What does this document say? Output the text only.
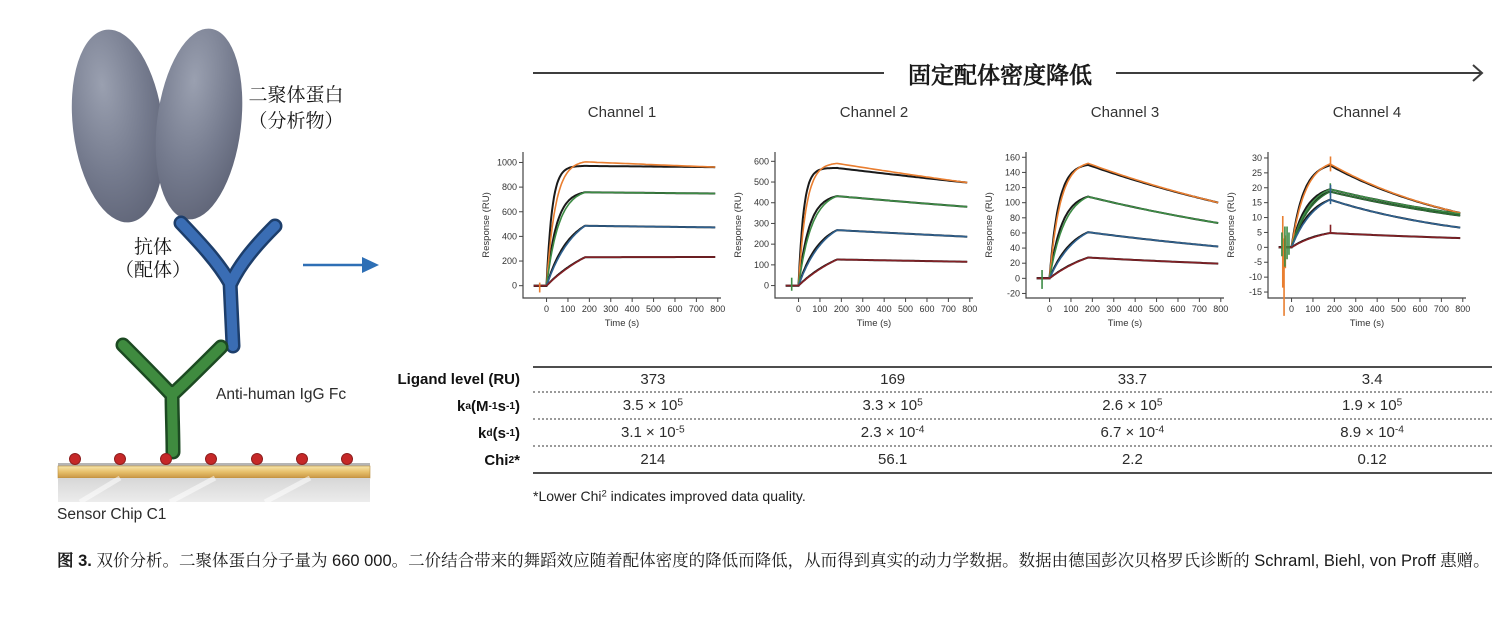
二聚体蛋白
（分析物）
抗体
（配体）
Anti-human IgG Fc
Sensor Chip C1
固定配体密度降低
Channel 1
0
200
400
600
800
1000
0 100 200 300 400 500 600 700 800
Response (RU)
Time (s)
Channel 2
0
100
200
300
400
500
600
0 100 200 300 400 500 600 700 800
Response (RU)
Time (s)
Channel 3
-20
0
20
40
60
80
100
120
140
160
0 100 200 300 400 500 600 700 800
Response (RU)
Time (s)
Channel 4
-15
-10
-5
0
5
10
15
20
25
30
0 100 200 300 400 500 600 700 800
Response (RU)
Time (s)
Ligand level (RU)	373	169	33.7	3.4
k a (M -1 s -1 )	$3.5 \times 10^5$	$3.3 \times 10^5$	$2.6 \times 10^5$	$1.9 \times 10^5$
k d (s -1 )	$3.1 \times 10^{-5}$	$2.3 \times 10^{-4}$	$6.7 \times 10^{-4}$	$8.9 \times 10^{-4}$
Chi 2 *	214	56.1	2.2	0.12
*Lower Chi$^2$ indicates improved data quality.
图 3. 双价分析。二聚体蛋白分子量为 660 000。二价结合带来的舞蹈效应随着配体密度的降低而降低，从而得到真实的动力学数据。数据由德国彭次贝格罗氏诊断的 Schraml, Biehl, von Proff 惠赠。
